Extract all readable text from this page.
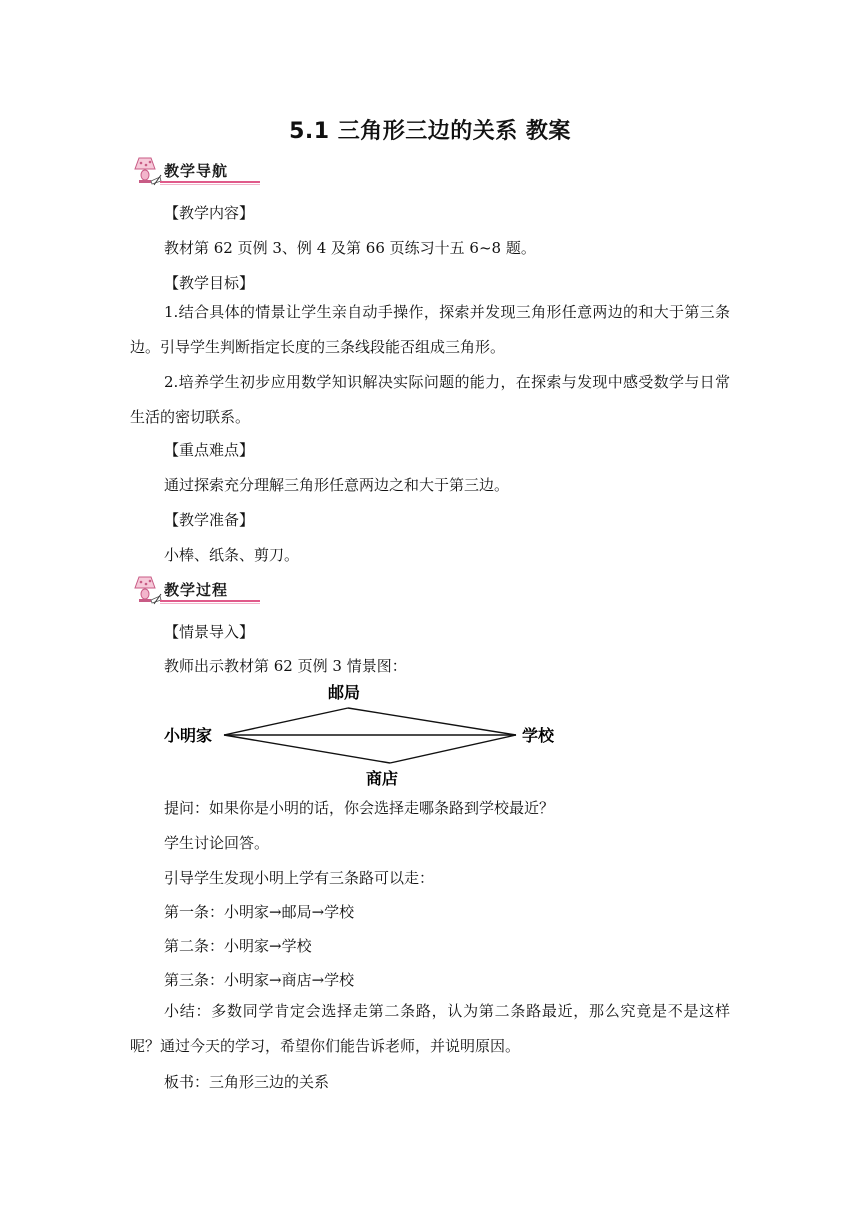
5.1 三角形三边的关系 教案
教学导航
【教学内容】
教材第 62 页例 3、例 4 及第 66 页练习十五 6~8 题。
【教学目标】
1.结合具体的情景让学生亲自动手操作，探索并发现三角形任意两边的和大于第三条边。引导学生判断指定长度的三条线段能否组成三角形。
2.培养学生初步应用数学知识解决实际问题的能力，在探索与发现中感受数学与日常生活的密切联系。
【重点难点】
通过探索充分理解三角形任意两边之和大于第三边。
【教学准备】
小棒、纸条、剪刀。
教学过程
【情景导入】
教师出示教材第 62 页例 3 情景图：
邮局
小明家	学校
商店
提问：如果你是小明的话，你会选择走哪条路到学校最近？
学生讨论回答。
引导学生发现小明上学有三条路可以走：
第一条：小明家→邮局→学校
第二条：小明家→学校
第三条：小明家→商店→学校
小结：多数同学肯定会选择走第二条路，认为第二条路最近，那么究竟是不是这样呢？通过今天的学习，希望你们能告诉老师，并说明原因。
板书：三角形三边的关系
